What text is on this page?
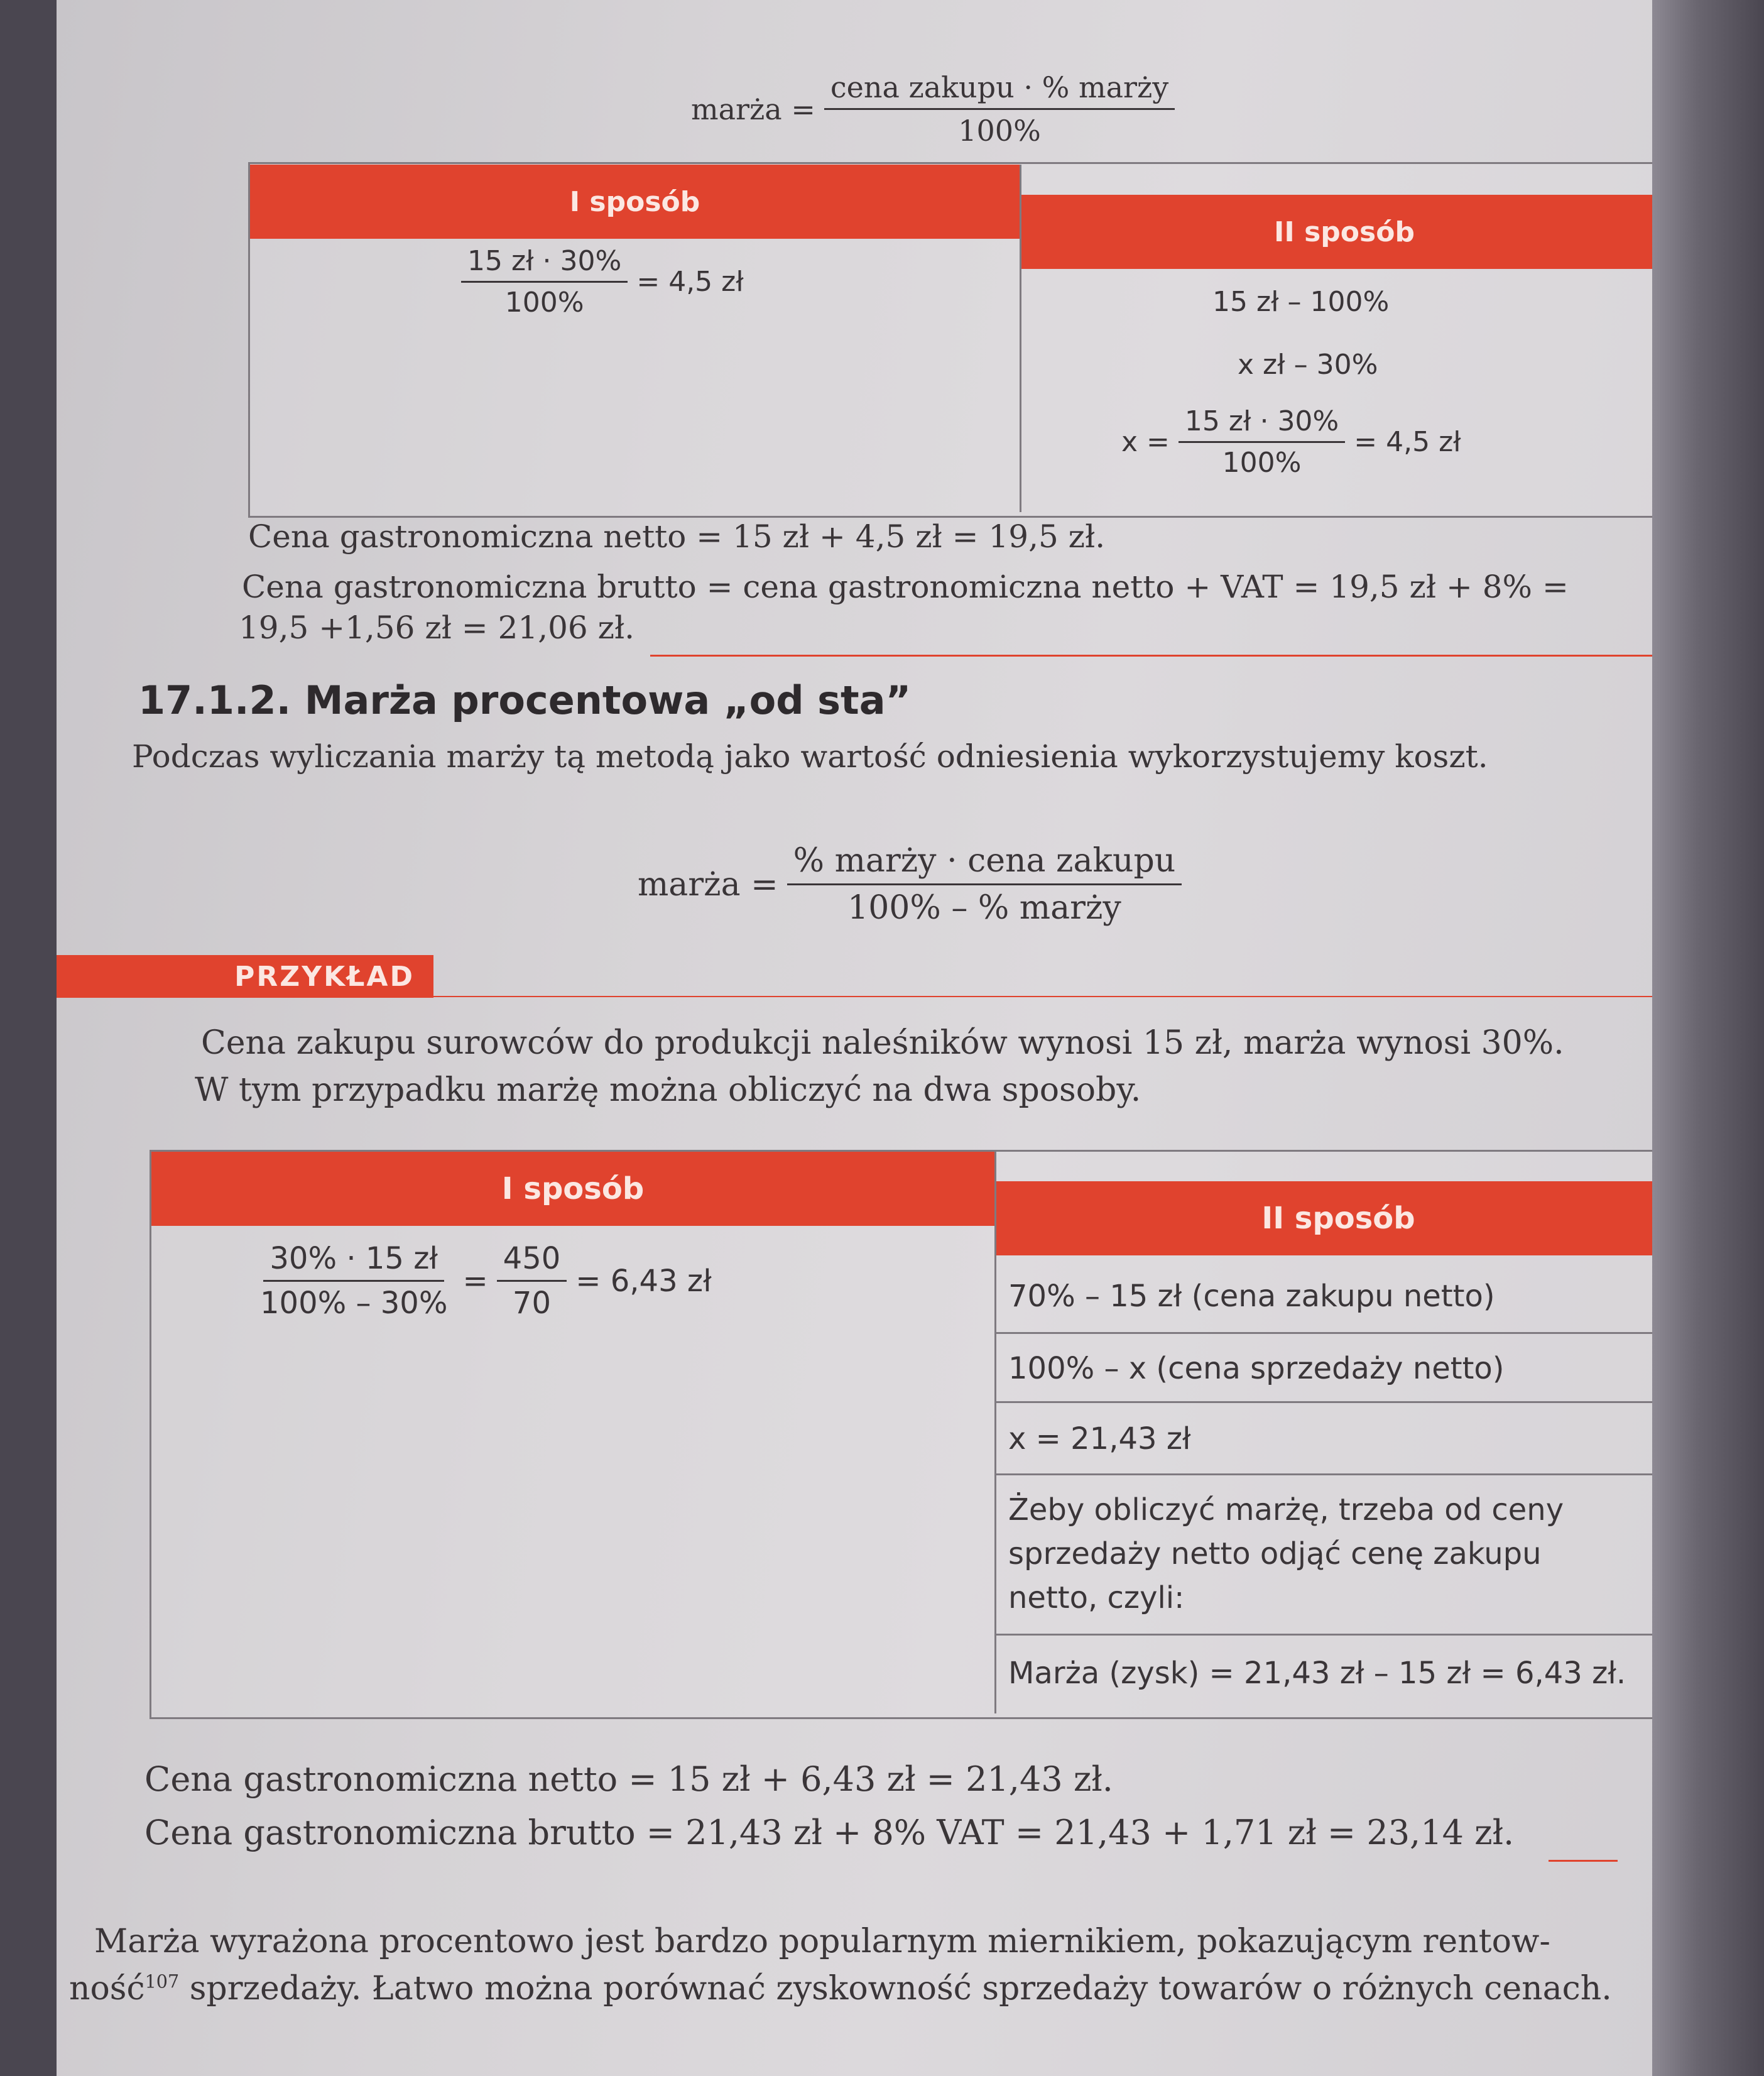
marża = $\frac{\text{cena zakupu · \% marży}}{100\%}$
I sposób
II sposób
$\frac{15 zł \cdot 30\%}{100\%} = 4,5$ zł
15 zł – 100%
x zł – 30%
$x = \frac{15 zł \cdot 30\%}{100\%} = 4,5$ zł
Cena gastronomiczna netto = 15 zł + 4,5 zł = 19,5 zł.
Cena gastronomiczna brutto = cena gastronomiczna netto + VAT = 19,5 zł + 8% =
19,5 +1,56 zł = 21,06 zł.
17.1.2. Marża procentowa „od sta”
Podczas wyliczania marży tą metodą jako wartość odniesienia wykorzystujemy koszt.
marża = $\frac{\text{\% marży · cena zakupu}}{\text{100\% – \% marży}}$
PRZYKŁAD
Cena zakupu surowców do produkcji naleśników wynosi 15 zł, marża wynosi 30%.
W tym przypadku marżę można obliczyć na dwa sposoby.
I sposób
II sposób
$\frac{30\% \cdot 15 zł}{100\% - 30\%} = \frac{450}{70} = 6,43$ zł	70% – 15 zł (cena zakupu netto)
100% – x (cena sprzedaży netto)
x = 21,43 zł
Żeby obliczyć marżę, trzeba od ceny
sprzedaży netto odjąć cenę zakupu
netto, czyli:
Marża (zysk) = 21,43 zł – 15 zł = 6,43 zł.
Cena gastronomiczna netto = 15 zł + 6,43 zł = 21,43 zł.
Cena gastronomiczna brutto = 21,43 zł + 8% VAT = 21,43 + 1,71 zł = 23,14 zł.
Marża wyrażona procentowo jest bardzo popularnym miernikiem, pokazującym rentow-
ność$^{107}$ sprzedaży. Łatwo można porównać zyskowność sprzedaży towarów o różnych cenach.
